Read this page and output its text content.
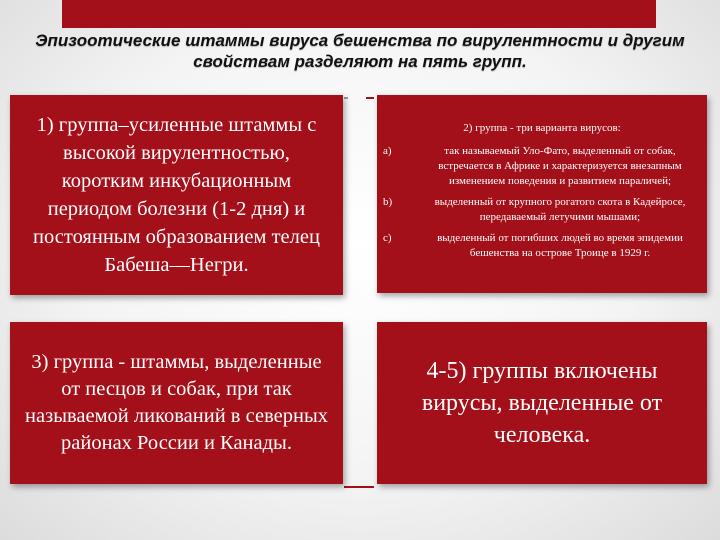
Эпизоотические штаммы вируса бешенства по вирулентности и другим свойствам разделяют на пять групп.
1) группа–усиленные штаммы с высокой вирулентностью, коротким инкубационным периодом болезни (1-2 дня) и постоянным образованием телец Бабеша—Негри.
2) группа - три варианта вирусов:
a)	так называемый Уло-Фато, выделенный от собак, встречается в Африке и характеризуется внезапным изменением поведения и развитием параличей;
b)	выделенный от крупного рогатого скота в Кадейросе, передаваемый летучими мышами;
c)	выделенный от погибших людей во время эпидемии бешенства на острове Троице в 1929 г.
3) группа - штаммы, выделенные от песцов и собак, при так называемой ликований в северных районах России и Канады.
4-5) группы включены вирусы, выделенные от человека.
